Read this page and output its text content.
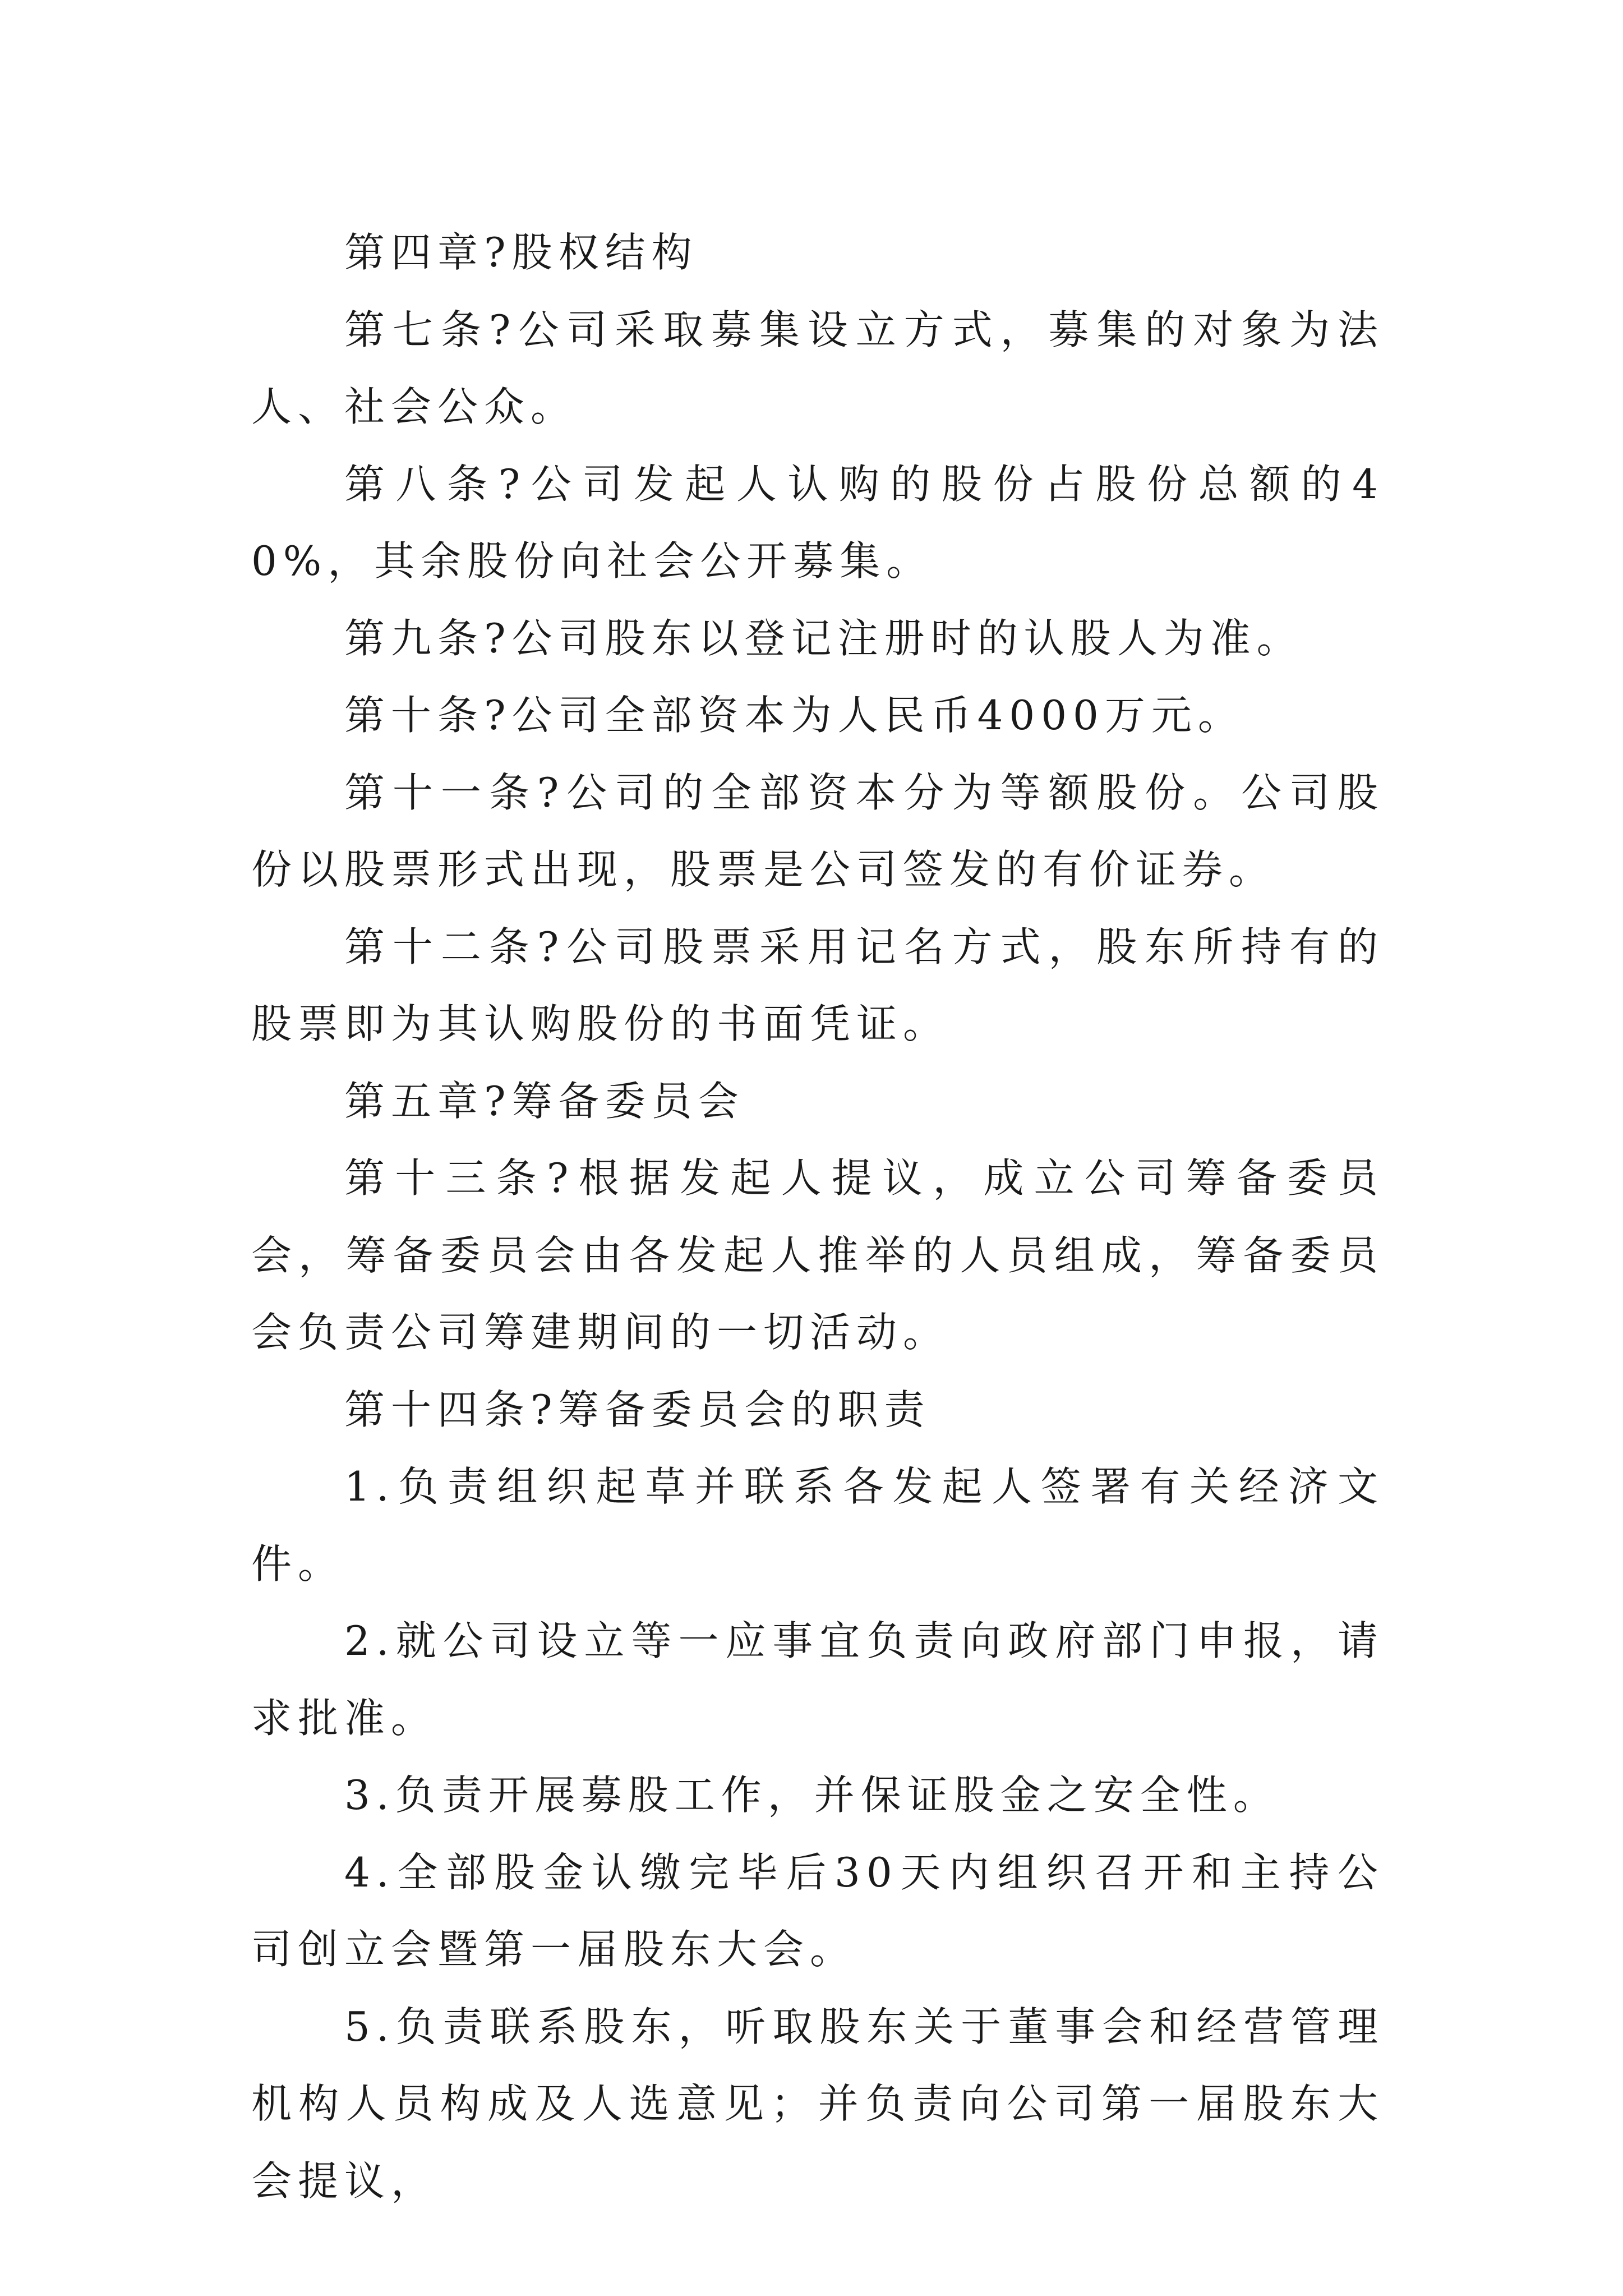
第四章?股权结构

第七条?公司采取募集设立方式，募集的对象为法人、社会公众。

第八条?公司发起人认购的股份占股份总额的40%，其余股份向社会公开募集。

第九条?公司股东以登记注册时的认股人为准。

第十条?公司全部资本为人民币4000万元。

第十一条?公司的全部资本分为等额股份。公司股份以股票形式出现，股票是公司签发的有价证券。

第十二条?公司股票采用记名方式，股东所持有的股票即为其认购股份的书面凭证。

第五章?筹备委员会

第十三条?根据发起人提议，成立公司筹备委员会，筹备委员会由各发起人推举的人员组成，筹备委员会负责公司筹建期间的一切活动。

第十四条?筹备委员会的职责

1.负责组织起草并联系各发起人签署有关经济文件。

2.就公司设立等一应事宜负责向政府部门申报，请求批准。

3.负责开展募股工作，并保证股金之安全性。

4.全部股金认缴完毕后30天内组织召开和主持公司创立会暨第一届股东大会。

5.负责联系股东，听取股东关于董事会和经营管理机构人员构成及人选意见；并负责向公司第一届股东大会提议，
